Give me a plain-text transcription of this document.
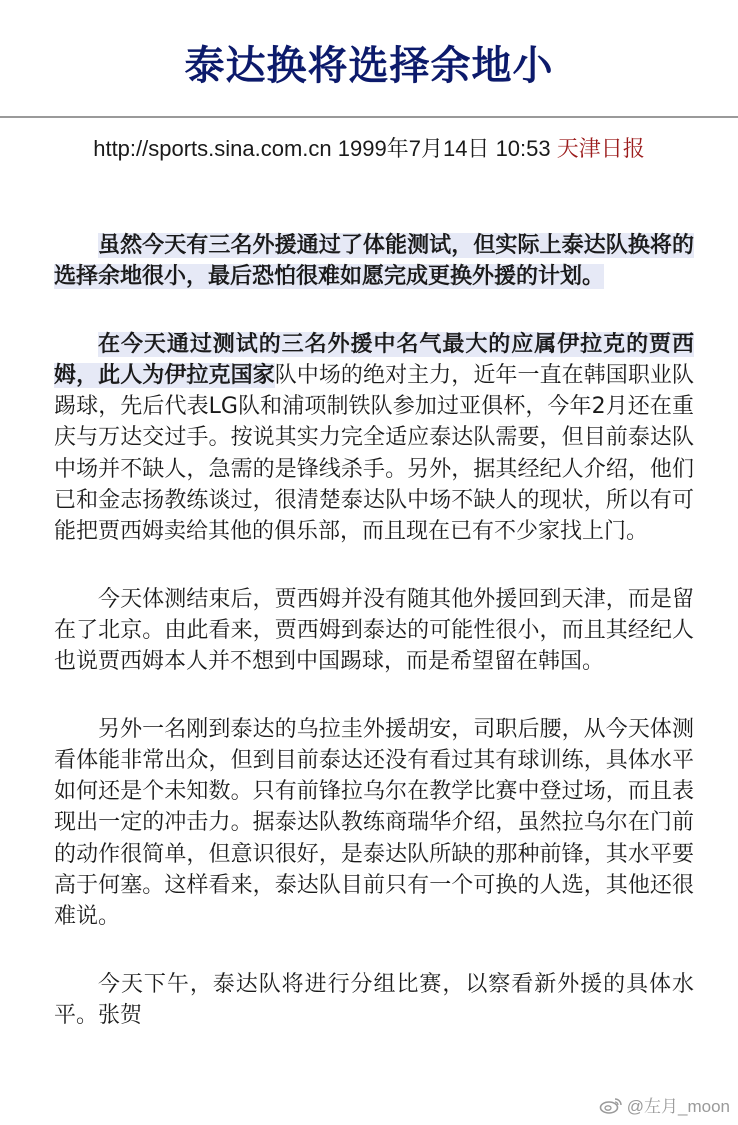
泰达换将选择余地小
http://sports.sina.com.cn 1999年7月14日 10:53 天津日报

虽然今天有三名外援通过了体能测试，但实际上泰达队换将的选择余地很小，最后恐怕很难如愿完成更换外援的计划。

在今天通过测试的三名外援中名气最大的应属伊拉克的贾西姆，此人为伊拉克国家队中场的绝对主力，近年一直在韩国职业队踢球，先后代表LG队和浦项制铁队参加过亚俱杯，今年2月还在重庆与万达交过手。按说其实力完全适应泰达队需要，但目前泰达队中场并不缺人，急需的是锋线杀手。另外，据其经纪人介绍，他们已和金志扬教练谈过，很清楚泰达队中场不缺人的现状，所以有可能把贾西姆卖给其他的俱乐部，而且现在已有不少家找上门。

今天体测结束后，贾西姆并没有随其他外援回到天津，而是留在了北京。由此看来，贾西姆到泰达的可能性很小，而且其经纪人也说贾西姆本人并不想到中国踢球，而是希望留在韩国。

另外一名刚到泰达的乌拉圭外援胡安，司职后腰，从今天体测看体能非常出众，但到目前泰达还没有看过其有球训练，具体水平如何还是个未知数。只有前锋拉乌尔在教学比赛中登过场，而且表现出一定的冲击力。据泰达队教练商瑞华介绍，虽然拉乌尔在门前的动作很简单，但意识很好，是泰达队所缺的那种前锋，其水平要高于何塞。这样看来，泰达队目前只有一个可换的人选，其他还很难说。

今天下午，泰达队将进行分组比赛，以察看新外援的具体水平。张贺

@左月_moon
